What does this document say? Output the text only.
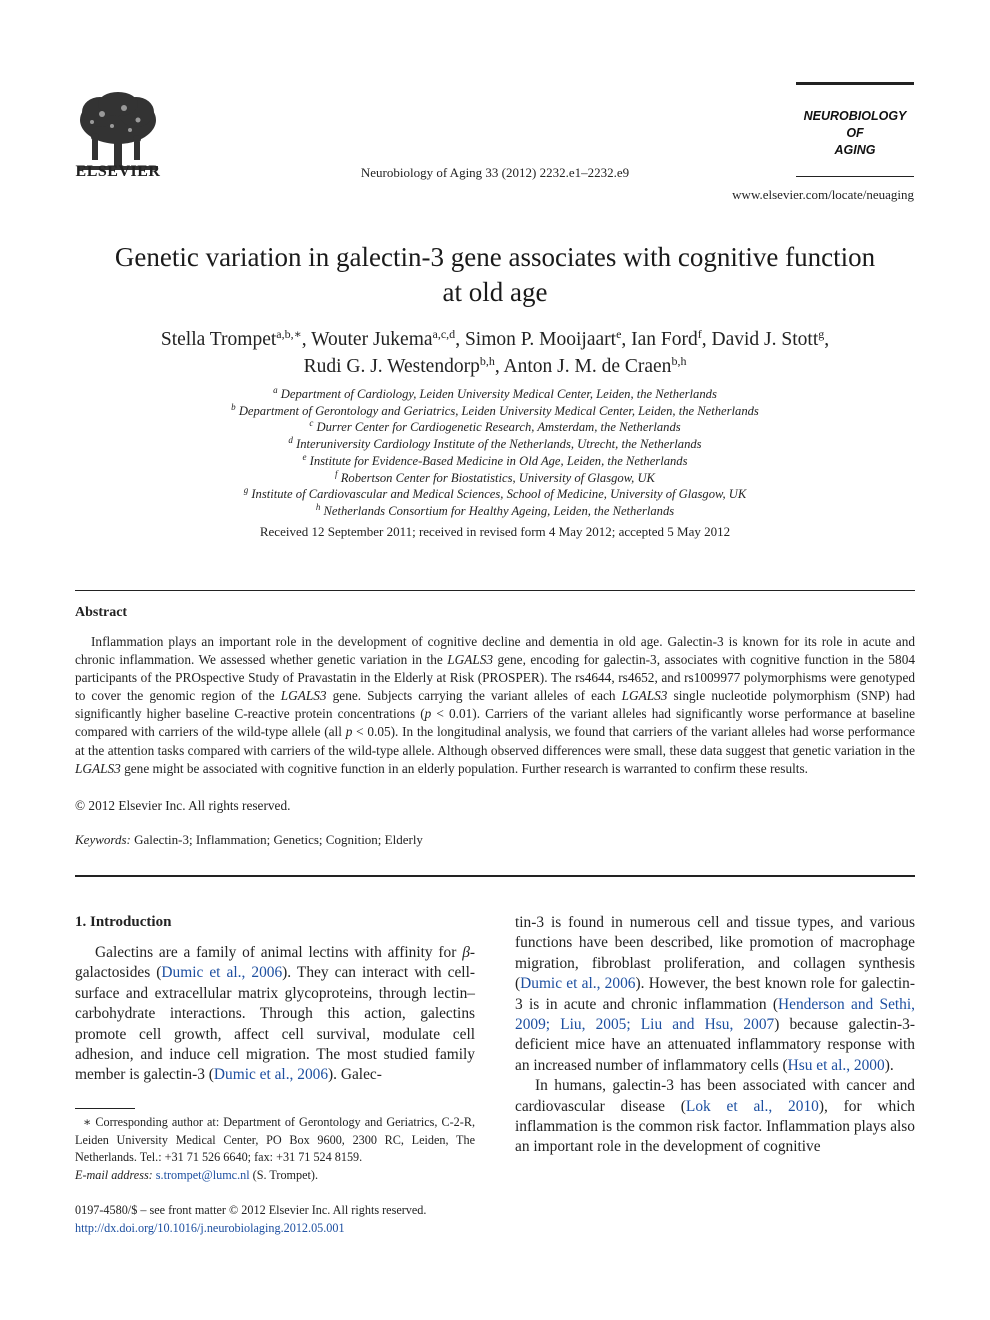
ELSEVIER	Neurobiology of Aging 33 (2012) 2232.e1–2232.e9
NEUROBIOLOGY
OF
AGING
www.elsevier.com/locate/neuaging
Genetic variation in galectin-3 gene associates with cognitive function
at old age
Stella Trompet$^{a,b,∗}$, Wouter Jukema$^{a,c,d}$, Simon P. Mooijaart$^e$, Ian Ford$^f$, David J. Stott$^g$,
Rudi G. J. Westendorp$^{b,h}$, Anton J. M. de Craen$^{b,h}$
$^a$ Department of Cardiology, Leiden University Medical Center, Leiden, the Netherlands
$^b$ Department of Gerontology and Geriatrics, Leiden University Medical Center, Leiden, the Netherlands
$^c$ Durrer Center for Cardiogenetic Research, Amsterdam, the Netherlands
$^d$ Interuniversity Cardiology Institute of the Netherlands, Utrecht, the Netherlands
$^e$ Institute for Evidence-Based Medicine in Old Age, Leiden, the Netherlands
$^f$ Robertson Center for Biostatistics, University of Glasgow, UK
$^g$ Institute of Cardiovascular and Medical Sciences, School of Medicine, University of Glasgow, UK
$^h$ Netherlands Consortium for Healthy Ageing, Leiden, the Netherlands
Received 12 September 2011; received in revised form 4 May 2012; accepted 5 May 2012
Abstract
Inflammation plays an important role in the development of cognitive decline and dementia in old age. Galectin-3 is known for its role in acute and chronic inflammation. We assessed whether genetic variation in the LGALS3 gene, encoding for galectin-3, associates with cognitive function in the 5804 participants of the PROspective Study of Pravastatin in the Elderly at Risk (PROSPER). The rs4644, rs4652, and rs1009977 polymorphisms were genotyped to cover the genomic region of the LGALS3 gene. Subjects carrying the variant alleles of each LGALS3 single nucleotide polymorphism (SNP) had significantly higher baseline C-reactive protein concentrations (p < 0.01). Carriers of the variant alleles had significantly worse performance at baseline compared with carriers of the wild-type allele (all p < 0.05). In the longitudinal analysis, we found that carriers of the variant alleles had worse performance at the attention tasks compared with carriers of the wild-type allele. Although observed differences were small, these data suggest that genetic variation in the LGALS3 gene might be associated with cognitive function in an elderly population. Further research is warranted to confirm these results.
© 2012 Elsevier Inc. All rights reserved.
Keywords: Galectin-3; Inflammation; Genetics; Cognition; Elderly
1. Introduction

Galectins are a family of animal lectins with affinity for β-galactosides (Dumic et al., 2006). They can interact with cell-surface and extracellular matrix glycoproteins, through lectin–carbohydrate interactions. Through this action, galectins promote cell growth, affect cell survival, modulate cell adhesion, and induce cell migration. The most studied family member is galectin-3 (Dumic et al., 2006). Galec-

tin-3 is found in numerous cell and tissue types, and various functions have been described, like promotion of macrophage migration, fibroblast proliferation, and collagen synthesis (Dumic et al., 2006). However, the best known role for galectin-3 is in acute and chronic inflammation (Henderson and Sethi, 2009; Liu, 2005; Liu and Hsu, 2007) because galectin-3-deficient mice have an attenuated inflammatory response with an increased number of inflammatory cells (Hsu et al., 2000).

In humans, galectin-3 has been associated with cancer and cardiovascular disease (Lok et al., 2010), for which inflammation is the common risk factor. Inflammation plays also an important role in the development of cognitive

∗ Corresponding author at: Department of Gerontology and Geriatrics, C-2-R, Leiden University Medical Center, PO Box 9600, 2300 RC, Leiden, The Netherlands. Tel.: +31 71 526 6640; fax: +31 71 524 8159.
E-mail address: s.trompet@lumc.nl (S. Trompet).
0197-4580/$ – see front matter © 2012 Elsevier Inc. All rights reserved.
http://dx.doi.org/10.1016/j.neurobiolaging.2012.05.001
